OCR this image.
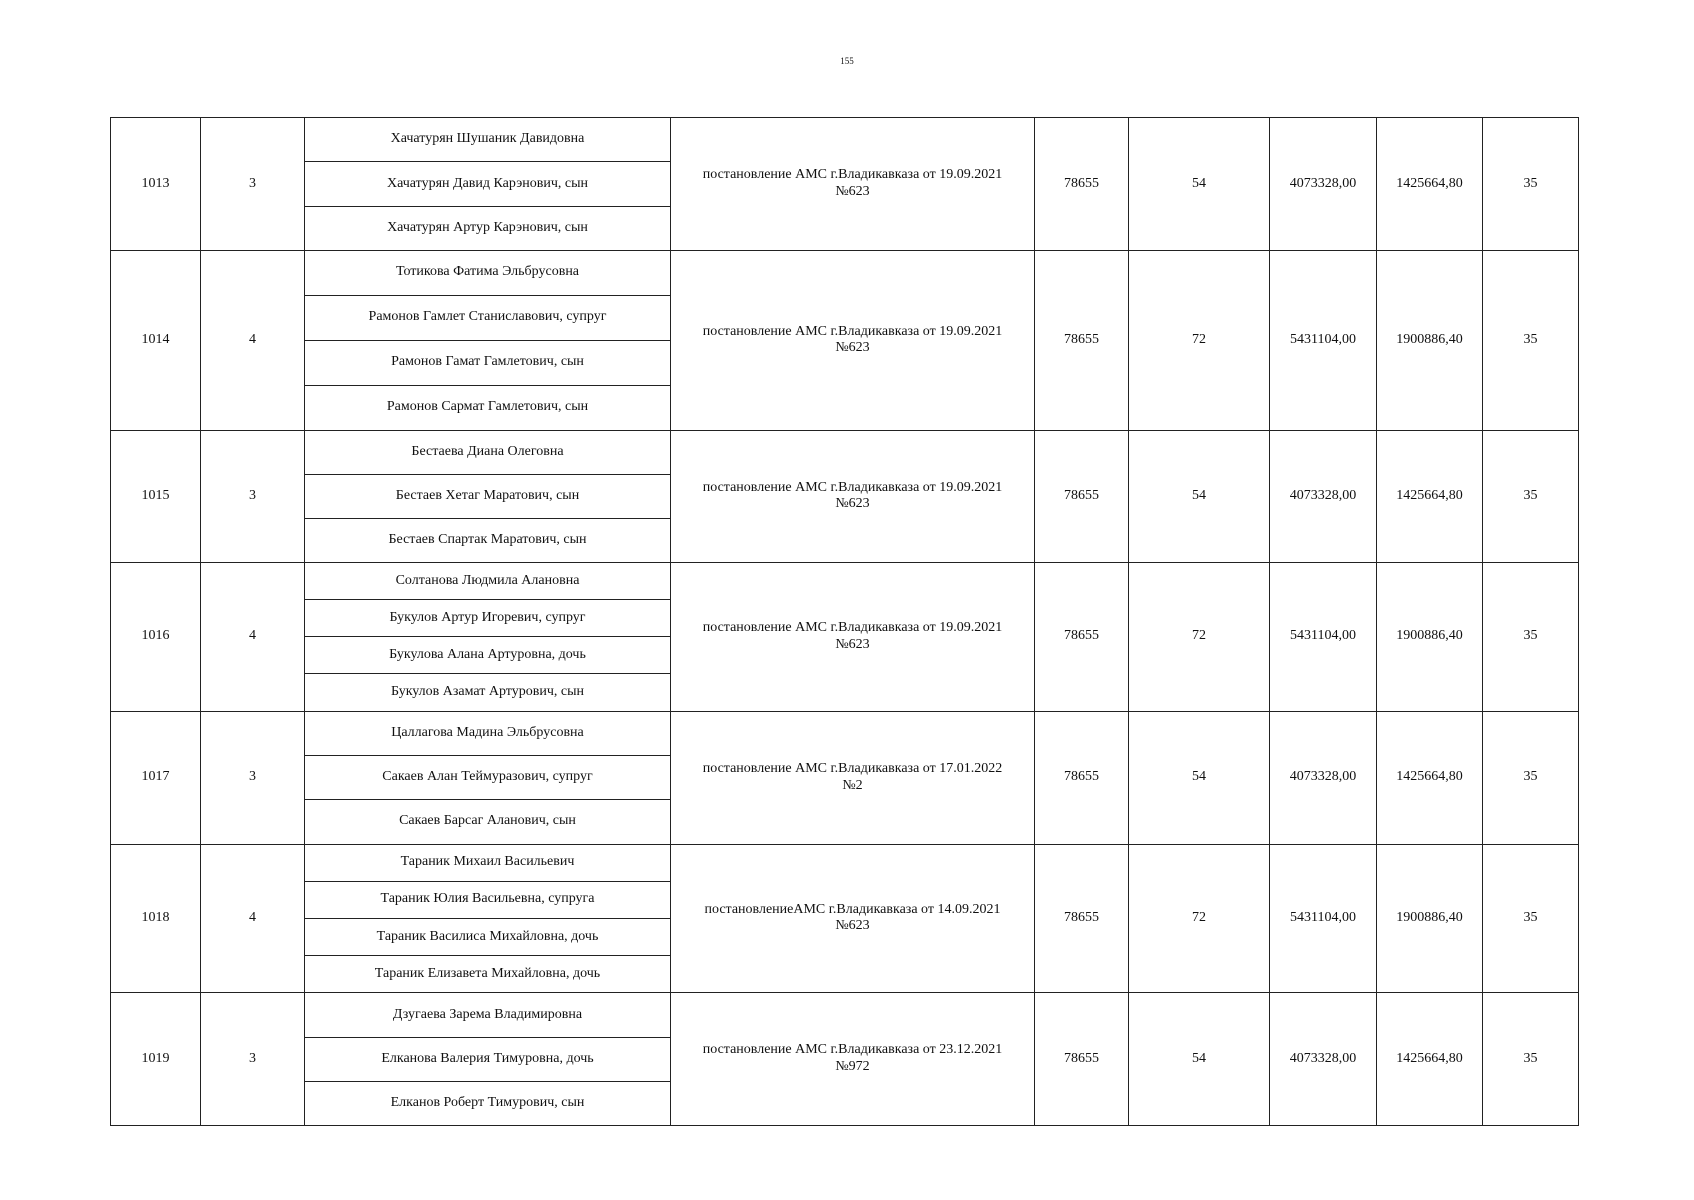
155
1013	3	Хачатурян Шушаник Давидовна	постановление АМС г.Владикавказа от 19.09.2021
№623	78655	54	4073328,00	1425664,80	35
		Хачатурян Давид Карэнович, сын						
		Хачатурян Артур Карэнович, сын						
1014	4	Тотикова Фатима Эльбрусовна	постановление АМС г.Владикавказа от 19.09.2021
№623	78655	72	5431104,00	1900886,40	35
		Рамонов Гамлет Станиславович, супруг						
		Рамонов Гамат Гамлетович, сын						
		Рамонов Сармат Гамлетович, сын						
1015	3	Бестаева Диана Олеговна	постановление АМС г.Владикавказа от 19.09.2021
№623	78655	54	4073328,00	1425664,80	35
		Бестаев Хетаг Маратович, сын						
		Бестаев Спартак Маратович, сын						
1016	4	Солтанова Людмила Алановна	постановление АМС г.Владикавказа от 19.09.2021
№623	78655	72	5431104,00	1900886,40	35
		Букулов Артур Игоревич, супруг						
		Букулова Алана Артуровна, дочь						
		Букулов Азамат Артурович, сын						
1017	3	Цаллагова Мадина Эльбрусовна	постановление АМС г.Владикавказа от 17.01.2022
№2	78655	54	4073328,00	1425664,80	35
		Сакаев Алан Теймуразович, супруг						
		Сакаев Барсаг Аланович, сын						
1018	4	Тараник Михаил Васильевич	постановлениеАМС г.Владикавказа от 14.09.2021
№623	78655	72	5431104,00	1900886,40	35
		Тараник Юлия Васильевна, супруга						
		Тараник Василиса Михайловна, дочь						
		Тараник Елизавета Михайловна, дочь						
1019	3	Дзугаева Зарема Владимировна	постановление АМС г.Владикавказа от 23.12.2021
№972	78655	54	4073328,00	1425664,80	35
		Елканова Валерия Тимуровна, дочь						
		Елканов Роберт Тимурович, сын						
